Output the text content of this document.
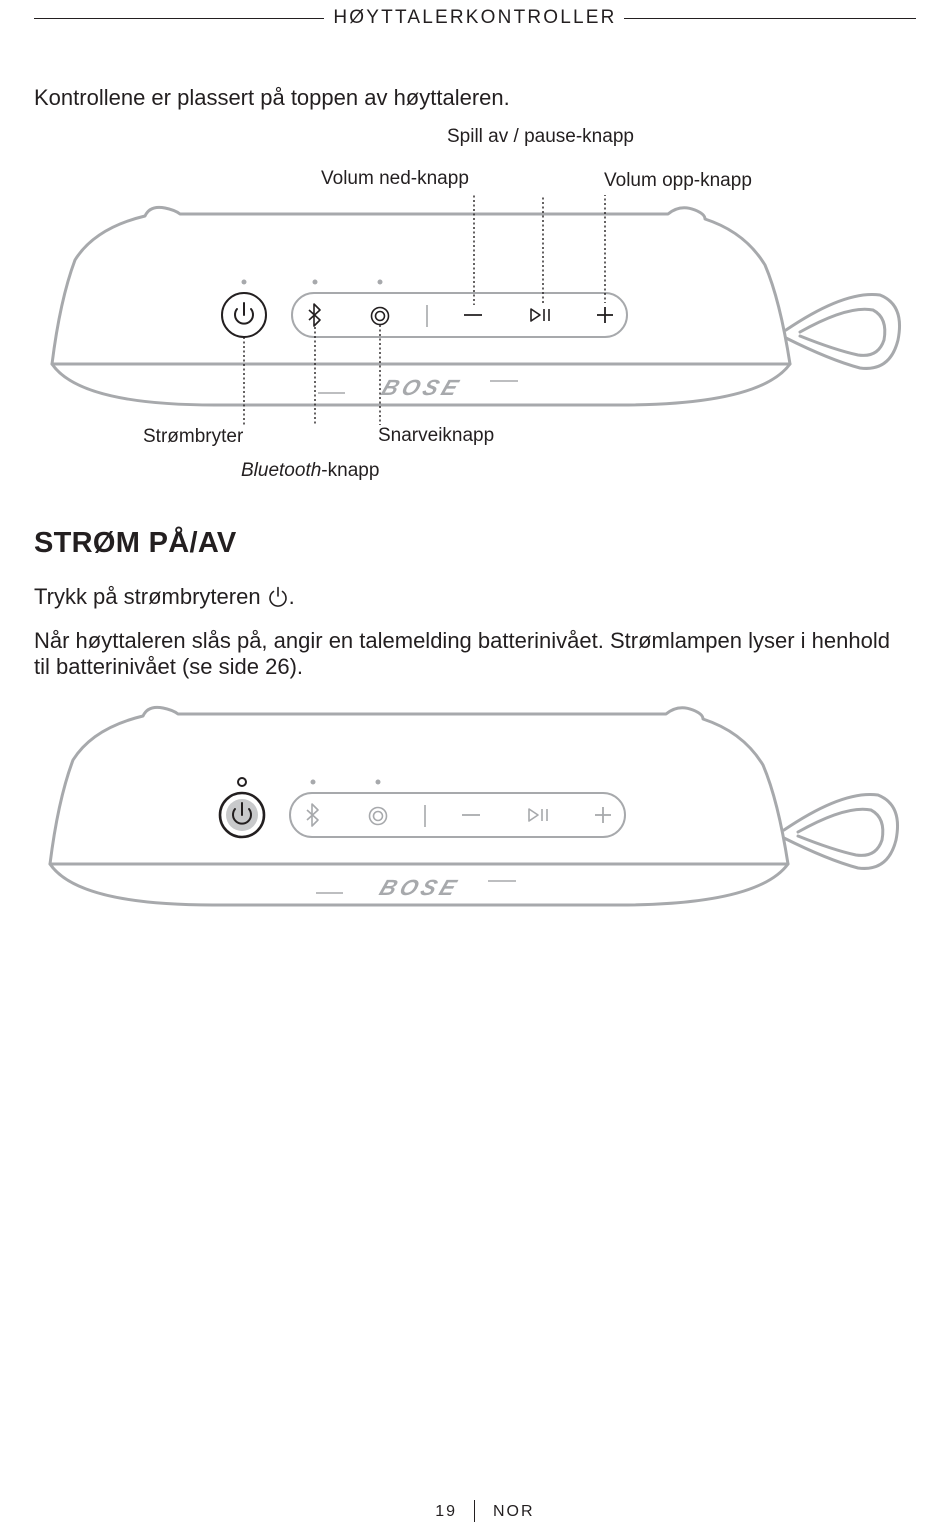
HØYTTALERKONTROLLER

Kontrollene er plassert på toppen av høyttaleren.

Spill av / pause-knapp
Volum ned-knapp	Volum opp-knapp
BOSE
Strømbryter	Snarveiknapp
Bluetooth-knapp
STRØM PÅ/AV

Trykk på strømbryteren .

Når høyttaleren slås på, angir en talemelding batterinivået. Strømlampen lyser i henhold til batterinivået (se side 26).

BOSE
19 NOR
